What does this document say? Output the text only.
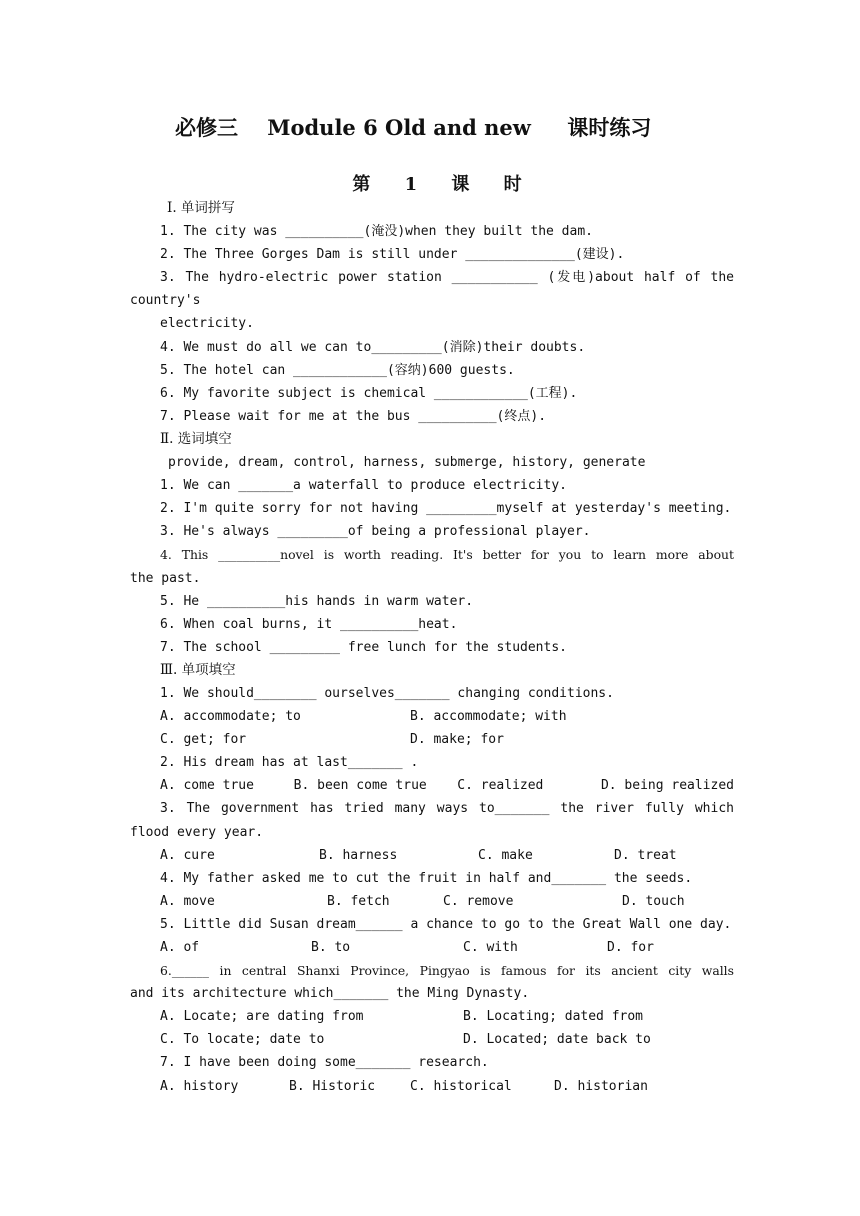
必修三    Module 6 Old and new     课时练习
第 1 课 时
Ⅰ. 单词拼写
1. The city was __________(淹没)when they built the dam.
2. The Three Gorges Dam is still under ______________(建设).
3. The hydro-electric power station ___________ (发电)about half of the
country's
electricity.
4. We must do all we can to_________(消除)their doubts.
5. The hotel can ____________(容纳)600 guests.
6. My favorite subject is chemical ____________(工程).
7. Please wait for me at the bus __________(终点).
Ⅱ. 选词填空
provide, dream, control, harness, submerge, history, generate
1. We can _______a waterfall to produce electricity.
2. I'm quite sorry for not having _________myself at yesterday's meeting.
3. He's always _________of being a professional player.
4. This __________novel is worth reading. It's better for you to learn more about
the past.
5. He __________his hands in warm water.
6. When coal burns, it __________heat.
7. The school _________ free lunch for the students.
Ⅲ. 单项填空
1. We should________ ourselves_______ changing conditions.
A. accommodate; to	B. accommodate; with
C. get; for	D. make; for
2. His dream has at last_______ .
A. come true	B. been come true	C. realized	D. being realized
3. The government has tried many ways to_______ the river fully which
flood every year.
A. cure	B. harness	C. make	D. treat
4. My father asked me to cut the fruit in half and_______ the seeds.
A. move	B. fetch	C. remove	D. touch
5. Little did Susan dream______ a chance to go to the Great Wall one day.
A. of	B. to	C. with	D. for
6.______ in central Shanxi Province, Pingyao is famous for its ancient city walls
and its architecture which_______ the Ming Dynasty.
A. Locate; are dating from	B. Locating; dated from
C. To locate; date to	D. Located; date back to
7. I have been doing some_______ research.
A. history	B. Historic	C. historical	D. historian
